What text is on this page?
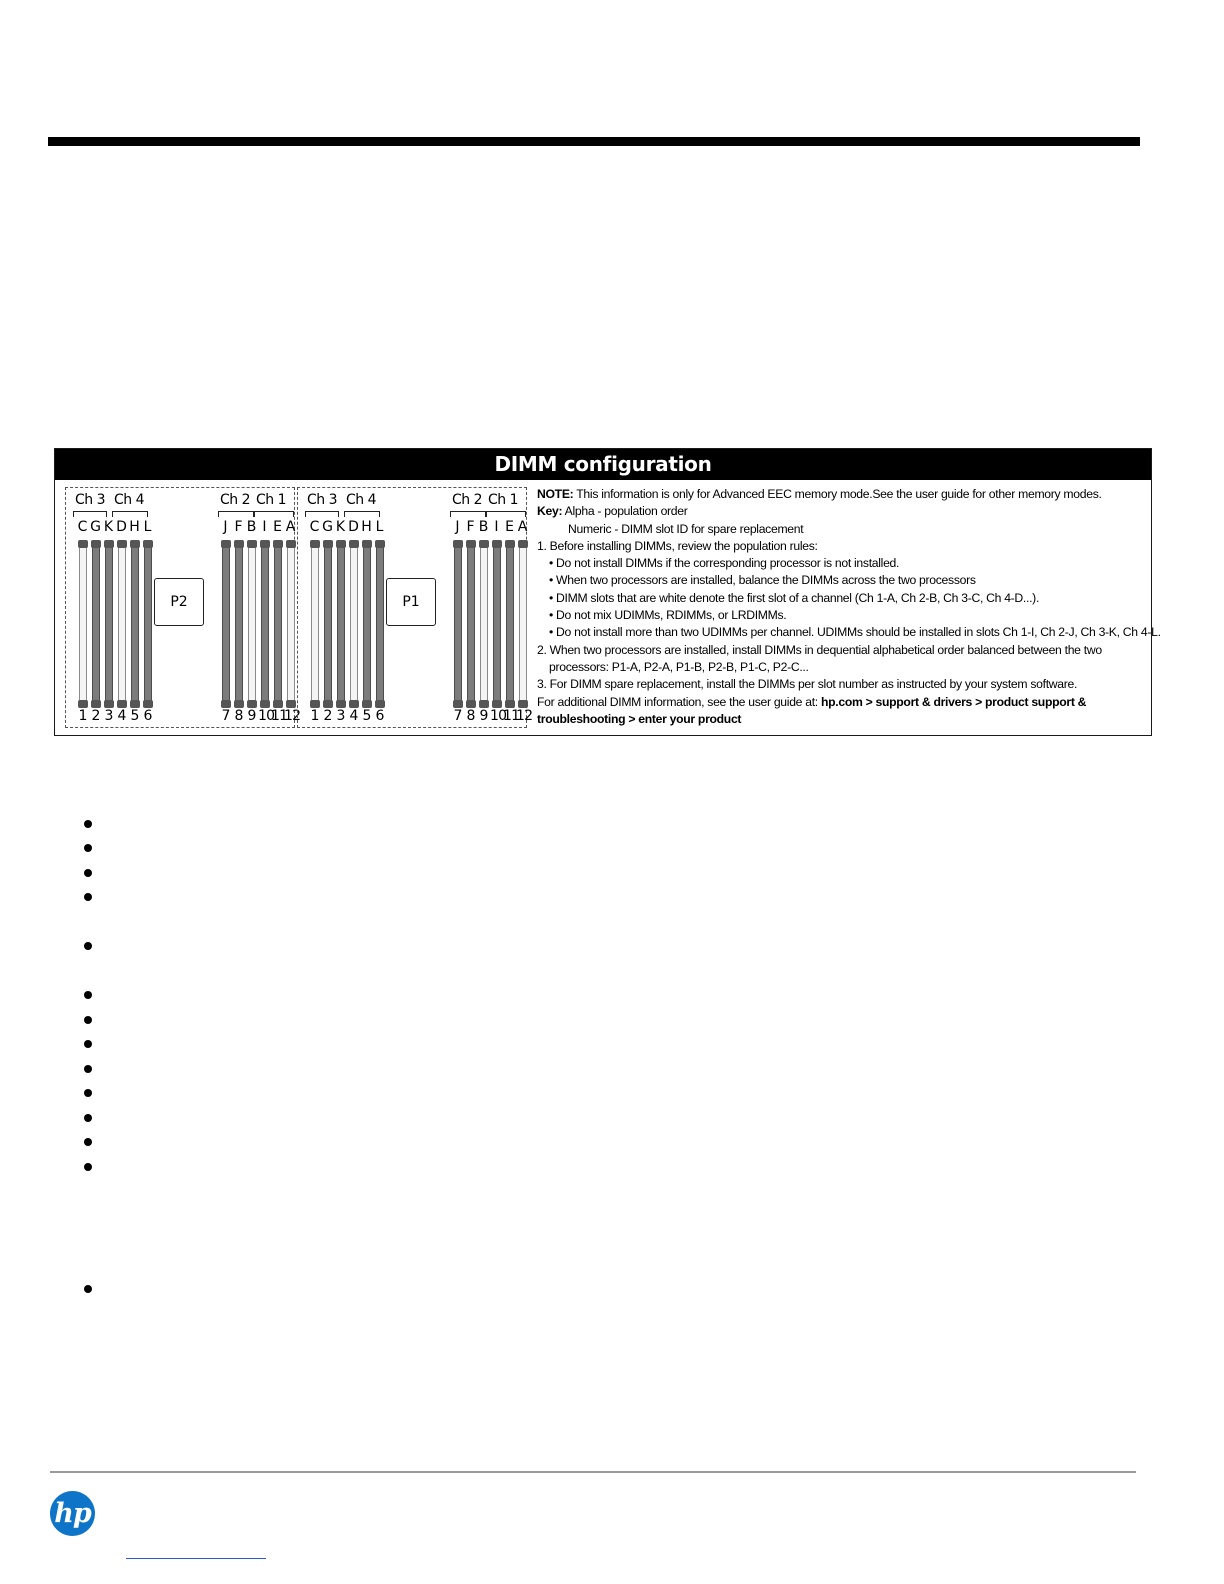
DIMM configuration
Ch 3 Ch 4	Ch 2 Ch 1
C
1
G
2
K
3
D
4
H
5
L
6
J
7
F
8
B
9
I
10
E
11
A
12
P2
Ch 3 Ch 4	Ch 2 Ch 1
C
1
G
2
K
3
D
4
H
5
L
6
J
7
F
8
B
9
I
10
E
11
A
12
P1
NOTE: This information is only for Advanced EEC memory mode.See the user guide for other memory modes.
Key: Alpha - population order
Numeric - DIMM slot ID for spare replacement
1. Before installing DIMMs, review the population rules:
• Do not install DIMMs if the corresponding processor is not installed.
• When two processors are installed, balance the DIMMs across the two processors
• DIMM slots that are white denote the first slot of a channel (Ch 1-A, Ch 2-B, Ch 3-C, Ch 4-D...).
• Do not mix UDIMMs, RDIMMs, or LRDIMMs.
• Do not install more than two UDIMMs per channel. UDIMMs should be installed in slots Ch 1-I, Ch 2-J, Ch 3-K, Ch 4-L.
2. When two processors are installed, install DIMMs in dequential alphabetical order balanced between the two
processors: P1-A, P2-A, P1-B, P2-B, P1-C, P2-C...
3. For DIMM spare replacement, install the DIMMs per slot number as instructed by your system software.
For additional DIMM information, see the user guide at: hp.com > support & drivers > product support &
troubleshooting > enter your product
hp
